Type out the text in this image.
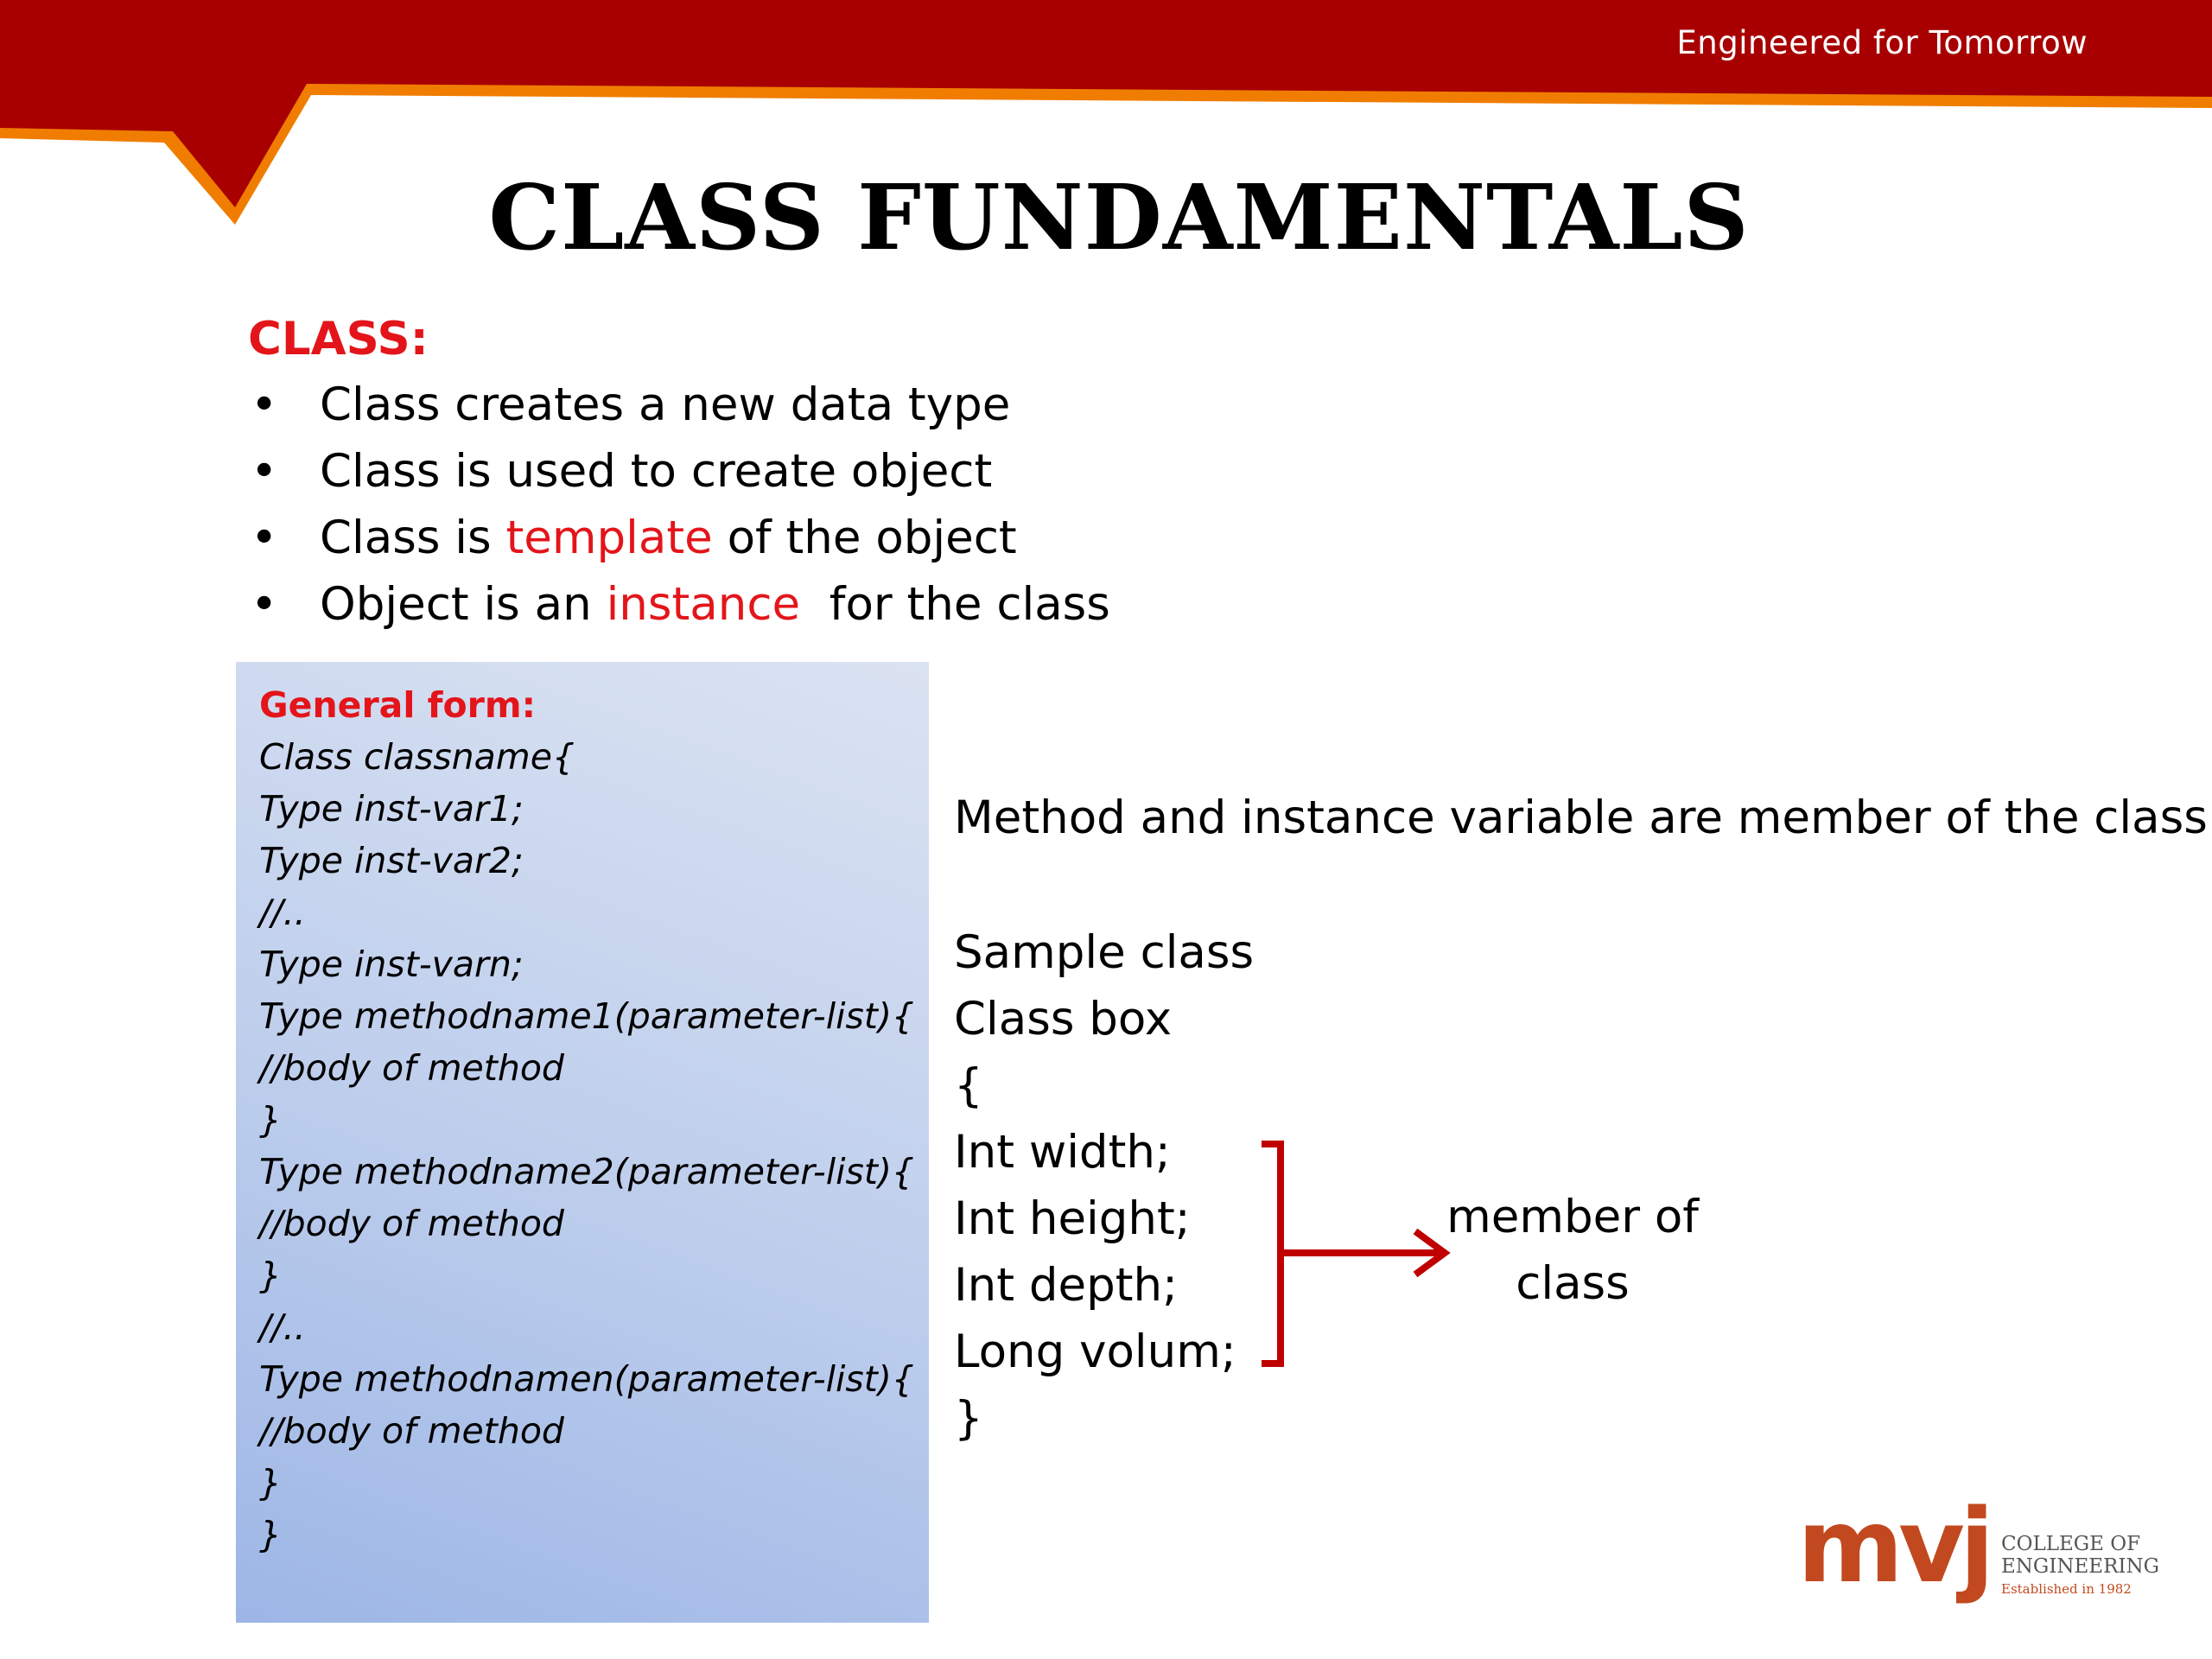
Engineered for Tomorrow
CLASS FUNDAMENTALS
CLASS:
• Class creates a new data type
• Class is used to create object
• Class is template of the object
• Object is an instance  for the class
General form:
Class classname{
Type inst-var1;
Type inst-var2;
//..
Type inst-varn;
Type methodname1(parameter-list){
//body of method
}
Type methodname2(parameter-list){
//body of method
}
//..
Type methodnamen(parameter-list){
//body of method
}
}
Method and instance variable are member of the class
Sample class
Class box
{
Int width;
Int height;
Int depth;
Long volum;
}
member of
class
mvj COLLEGE OF
ENGINEERING
Established in 1982
